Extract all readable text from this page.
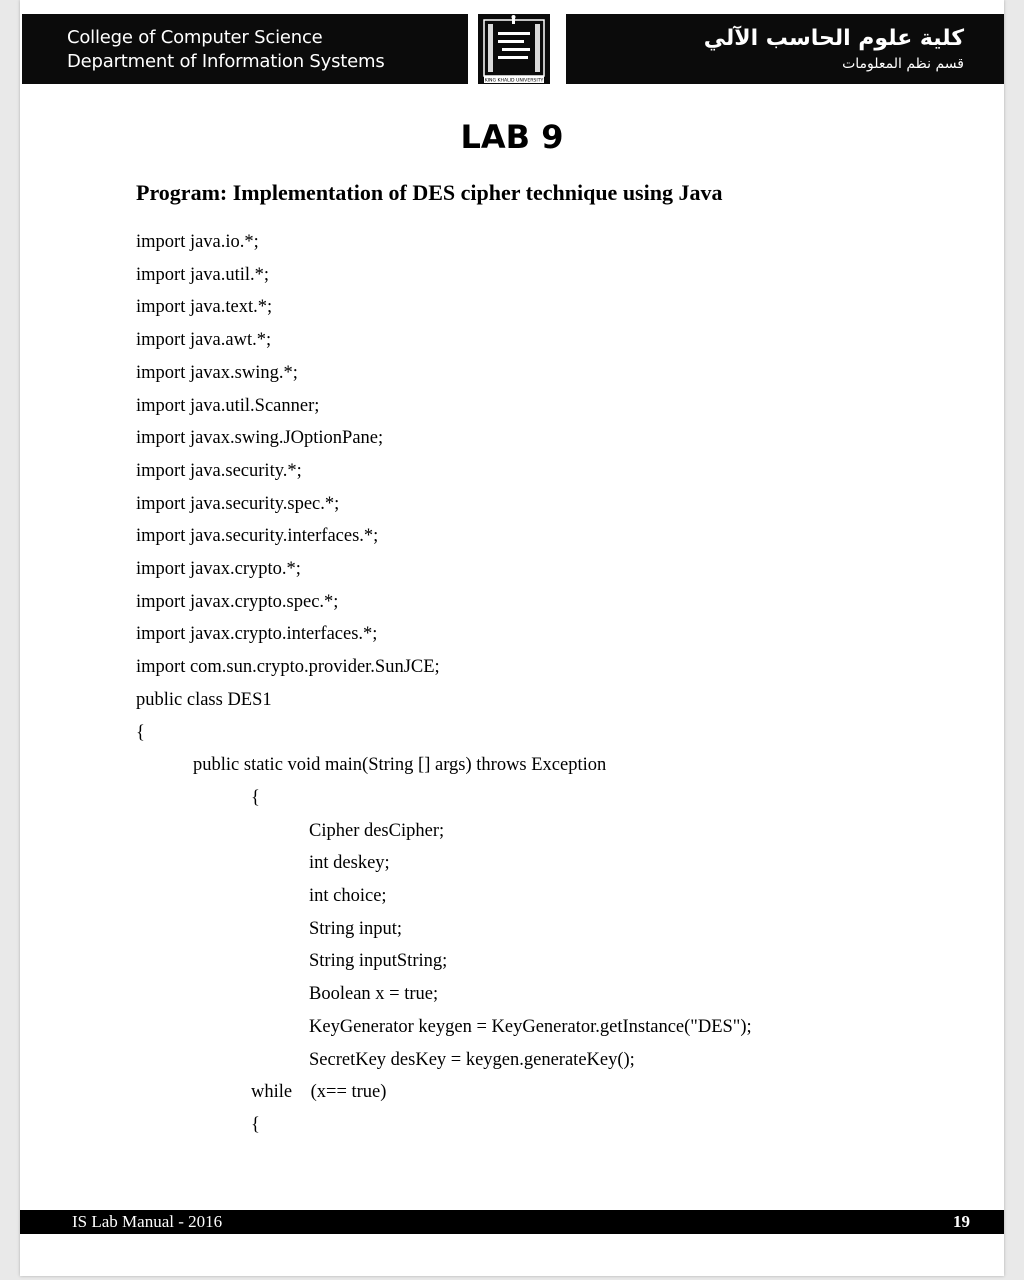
College of Computer Science
Department of Information Systems
KING KHALID UNIVERSITY
كلية علوم الحاسب الآلي
قسم نظم المعلومات
LAB 9
Program: Implementation of DES cipher technique using Java
import java.io.*;
import java.util.*;
import java.text.*;
import java.awt.*;
import javax.swing.*;
import java.util.Scanner;
import javax.swing.JOptionPane;
import java.security.*;
import java.security.spec.*;
import java.security.interfaces.*;
import javax.crypto.*;
import javax.crypto.spec.*;
import javax.crypto.interfaces.*;
import com.sun.crypto.provider.SunJCE;
public class DES1
{
public static void main(String [] args) throws Exception
{
Cipher desCipher;
int deskey;
int choice;
String input;
String inputString;
Boolean x = true;
KeyGenerator keygen = KeyGenerator.getInstance("DES");
SecretKey desKey = keygen.generateKey();
while    (x== true)
{
IS Lab Manual - 2016	19
